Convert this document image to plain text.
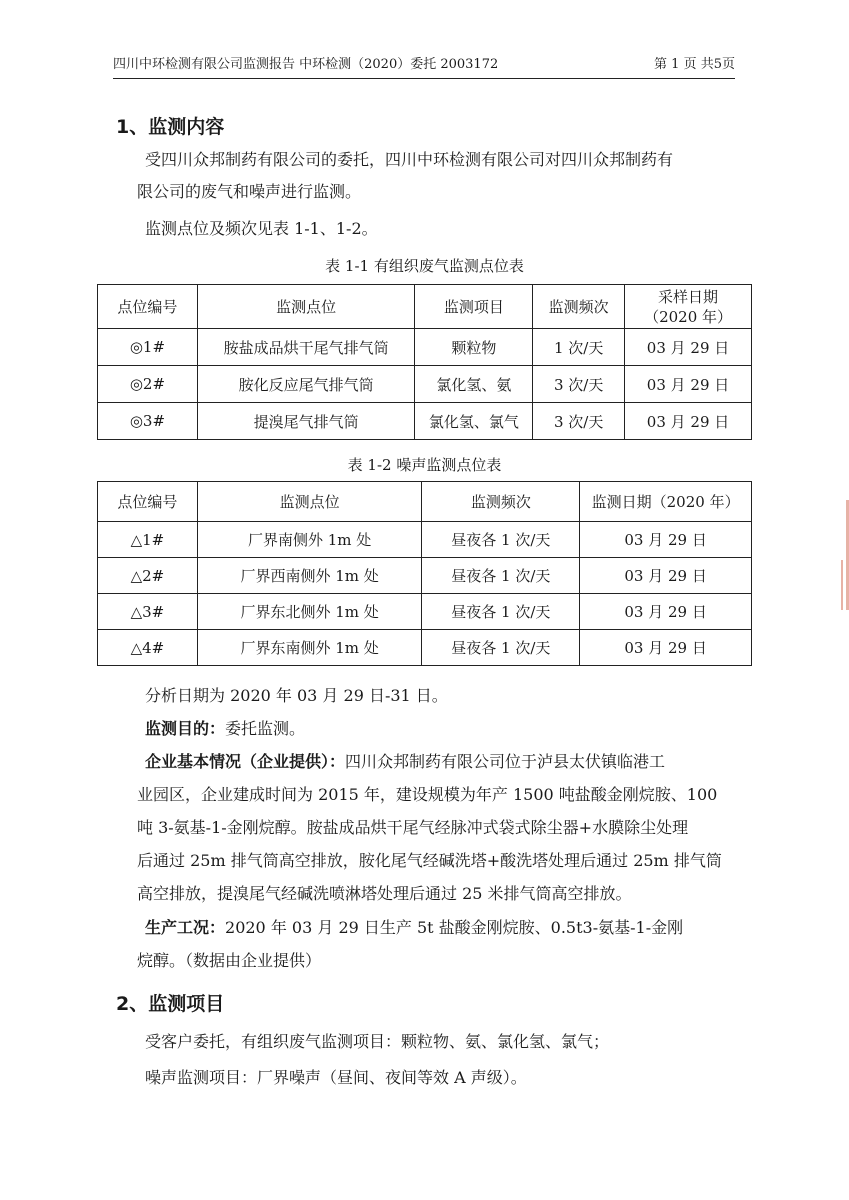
四川中环检测有限公司监测报告 中环检测（2020）委托 2003172	第 1 页 共5页
1、监测内容
受四川众邦制药有限公司的委托，四川中环检测有限公司对四川众邦制药有
限公司的废气和噪声进行监测。
监测点位及频次见表 1-1、1-2。
表 1-1 有组织废气监测点位表
点位编号	监测点位	监测项目	监测频次	采样日期
（2020 年）

◎1#	胺盐成品烘干尾气排气筒	颗粒物	1 次/天	03 月 29 日
◎2#	胺化反应尾气排气筒	氯化氢、氨	3 次/天	03 月 29 日
◎3#	提溴尾气排气筒	氯化氢、氯气	3 次/天	03 月 29 日
表 1-2 噪声监测点位表
点位编号	监测点位	监测频次	监测日期（2020 年）
△1#	厂界南侧外 1m 处	昼夜各 1 次/天	03 月 29 日
△2#	厂界西南侧外 1m 处	昼夜各 1 次/天	03 月 29 日
△3#	厂界东北侧外 1m 处	昼夜各 1 次/天	03 月 29 日
△4#	厂界东南侧外 1m 处	昼夜各 1 次/天	03 月 29 日
分析日期为 2020 年 03 月 29 日-31 日。
监测目的：委托监测。
企业基本情况（企业提供）：四川众邦制药有限公司位于泸县太伏镇临港工
业园区，企业建成时间为 2015 年，建设规模为年产 1500 吨盐酸金刚烷胺、100
吨 3-氨基-1-金刚烷醇。胺盐成品烘干尾气经脉冲式袋式除尘器+水膜除尘处理
后通过 25m 排气筒高空排放，胺化尾气经碱洗塔+酸洗塔处理后通过 25m 排气筒
高空排放，提溴尾气经碱洗喷淋塔处理后通过 25 米排气筒高空排放。
生产工况：2020 年 03 月 29 日生产 5t 盐酸金刚烷胺、0.5t3-氨基-1-金刚
烷醇。（数据由企业提供）
2、监测项目
受客户委托，有组织废气监测项目：颗粒物、氨、氯化氢、氯气；
噪声监测项目：厂界噪声（昼间、夜间等效 A 声级）。
